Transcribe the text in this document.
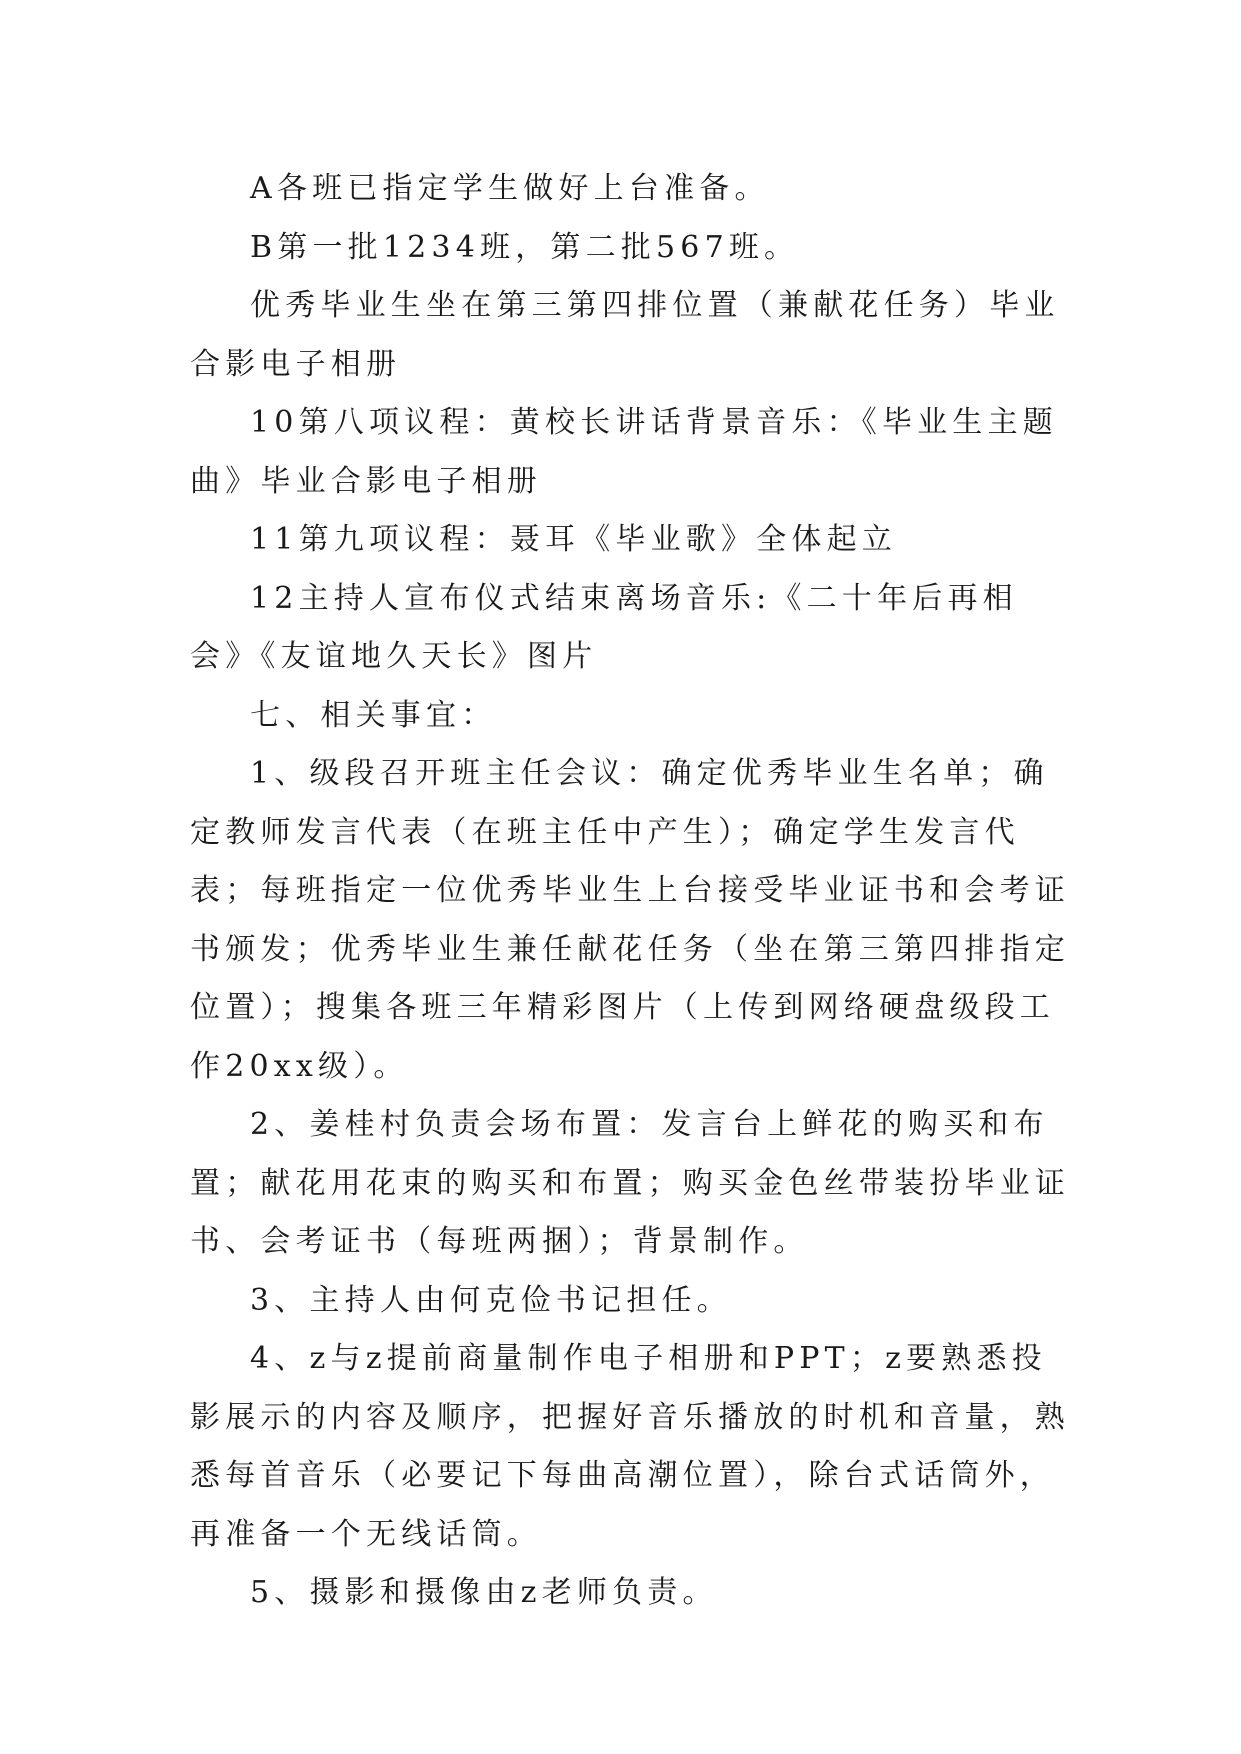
A各班已指定学生做好上台准备。

B第一批1234班，第二批567班。

优秀毕业生坐在第三第四排位置（兼献花任务）毕业合影电子相册

10第八项议程：黄校长讲话背景音乐：《毕业生主题曲》毕业合影电子相册

11第九项议程：聂耳《毕业歌》全体起立

12主持人宣布仪式结束离场音乐:《二十年后再相会》《友谊地久天长》图片

七、相关事宜：

1、级段召开班主任会议：确定优秀毕业生名单；确定教师发言代表（在班主任中产生）；确定学生发言代表；每班指定一位优秀毕业生上台接受毕业证书和会考证书颁发；优秀毕业生兼任献花任务（坐在第三第四排指定位置）；搜集各班三年精彩图片（上传到网络硬盘级段工作20xx级）。

2、姜桂村负责会场布置：发言台上鲜花的购买和布置；献花用花束的购买和布置；购买金色丝带装扮毕业证书、会考证书（每班两捆）；背景制作。

3、主持人由何克俭书记担任。

4、z与z提前商量制作电子相册和PPT；z要熟悉投影展示的内容及顺序，把握好音乐播放的时机和音量，熟悉每首音乐（必要记下每曲高潮位置），除台式话筒外，再准备一个无线话筒。

5、摄影和摄像由z老师负责。
